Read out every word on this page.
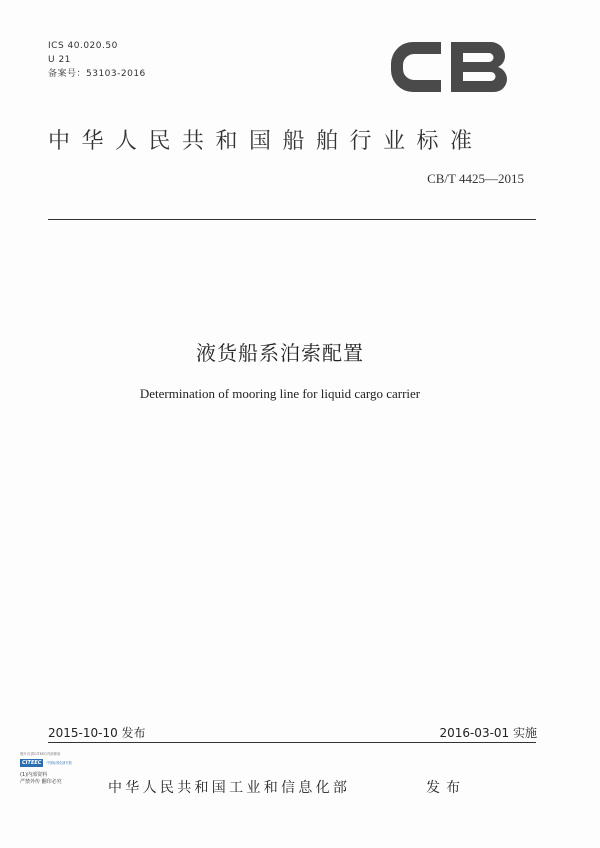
ICS 40.020.50
U 21
备案号：53103-2016
中华人民共和国船舶行业标准
CB/T 4425—2015
液货船系泊索配置
Determination of mooring line for liquid cargo carrier
2015-10-10 发布	2016-03-01 实施
图片仅供CITEEC内部使用
CITEEC	中国标准化研究院
(1)内部资料
严禁外传 翻印必究	中华人民共和国工业和信息化部	发布
